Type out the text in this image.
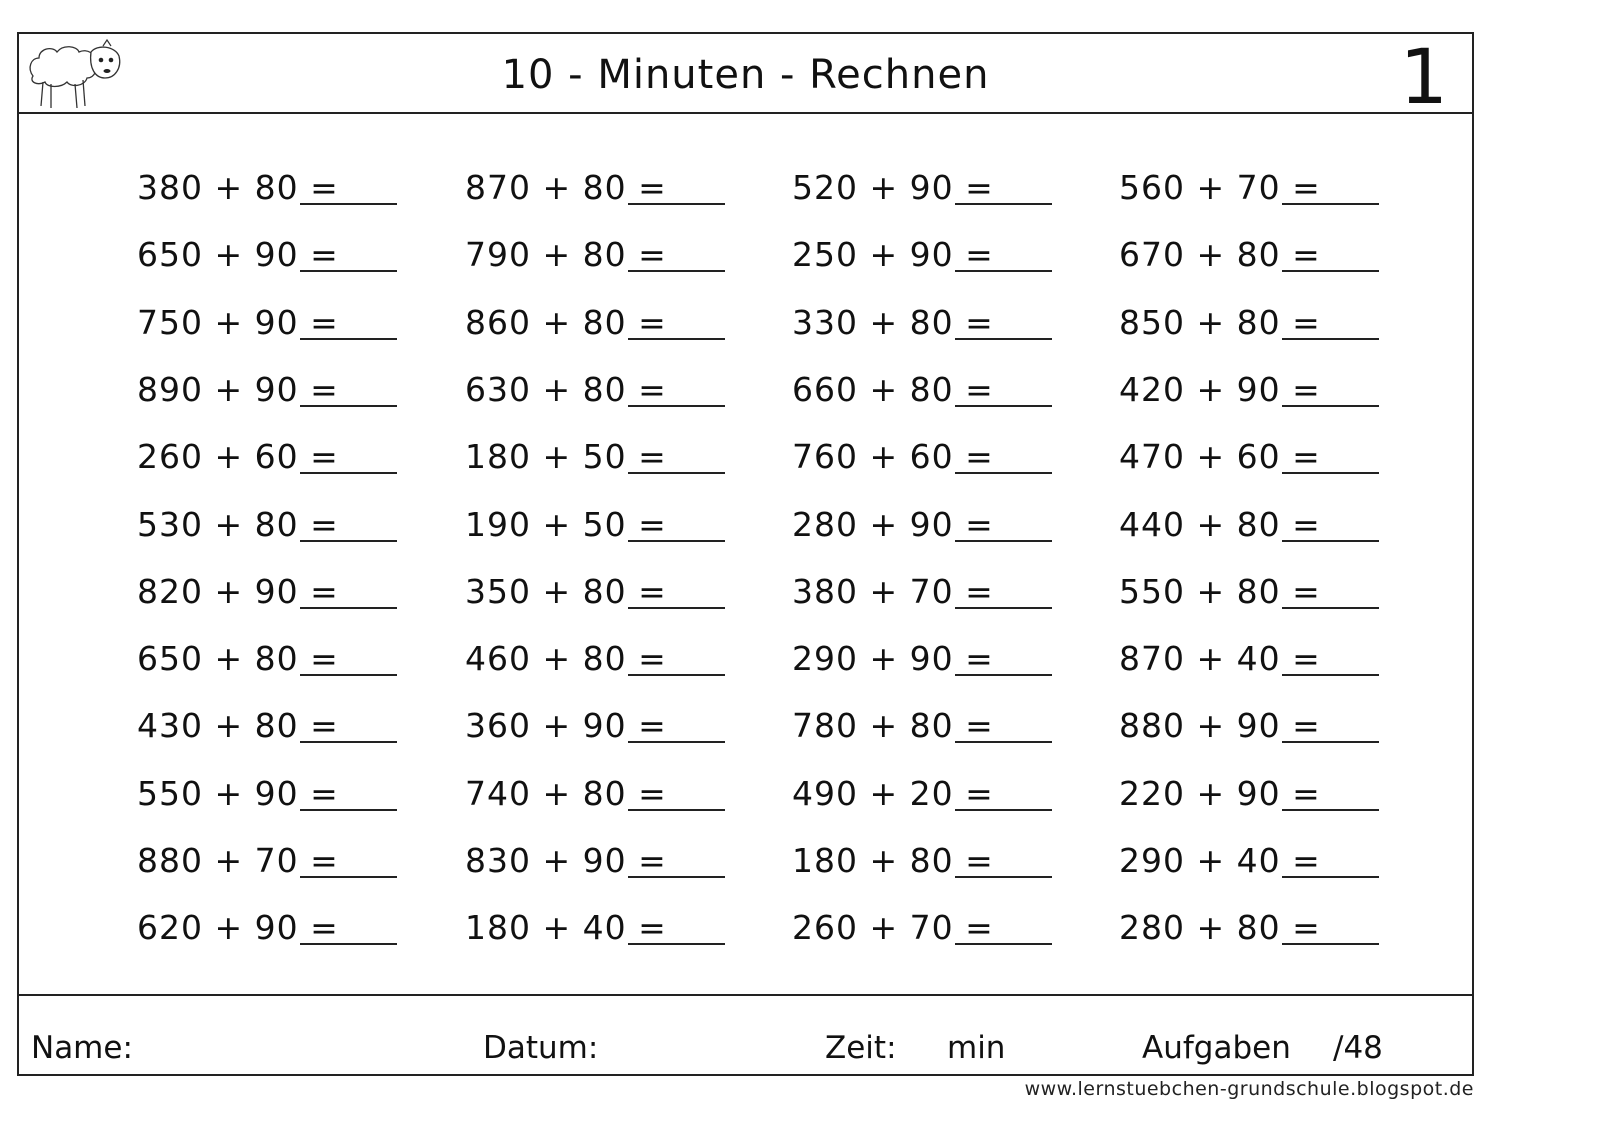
10 - Minuten - Rechnen	1
380 + 80 =	870 + 80 =	520 + 90 =	560 + 70 =
650 + 90 =	790 + 80 =	250 + 90 =	670 + 80 =
750 + 90 =	860 + 80 =	330 + 80 =	850 + 80 =
890 + 90 =	630 + 80 =	660 + 80 =	420 + 90 =
260 + 60 =	180 + 50 =	760 + 60 =	470 + 60 =
530 + 80 =	190 + 50 =	280 + 90 =	440 + 80 =
820 + 90 =	350 + 80 =	380 + 70 =	550 + 80 =
650 + 80 =	460 + 80 =	290 + 90 =	870 + 40 =
430 + 80 =	360 + 90 =	780 + 80 =	880 + 90 =
550 + 90 =	740 + 80 =	490 + 20 =	220 + 90 =
880 + 70 =	830 + 90 =	180 + 80 =	290 + 40 =
620 + 90 =	180 + 40 =	260 + 70 =	280 + 80 =
Name:	Datum:	Zeit: min	Aufgaben /48
www.lernstuebchen-grundschule.blogspot.de
